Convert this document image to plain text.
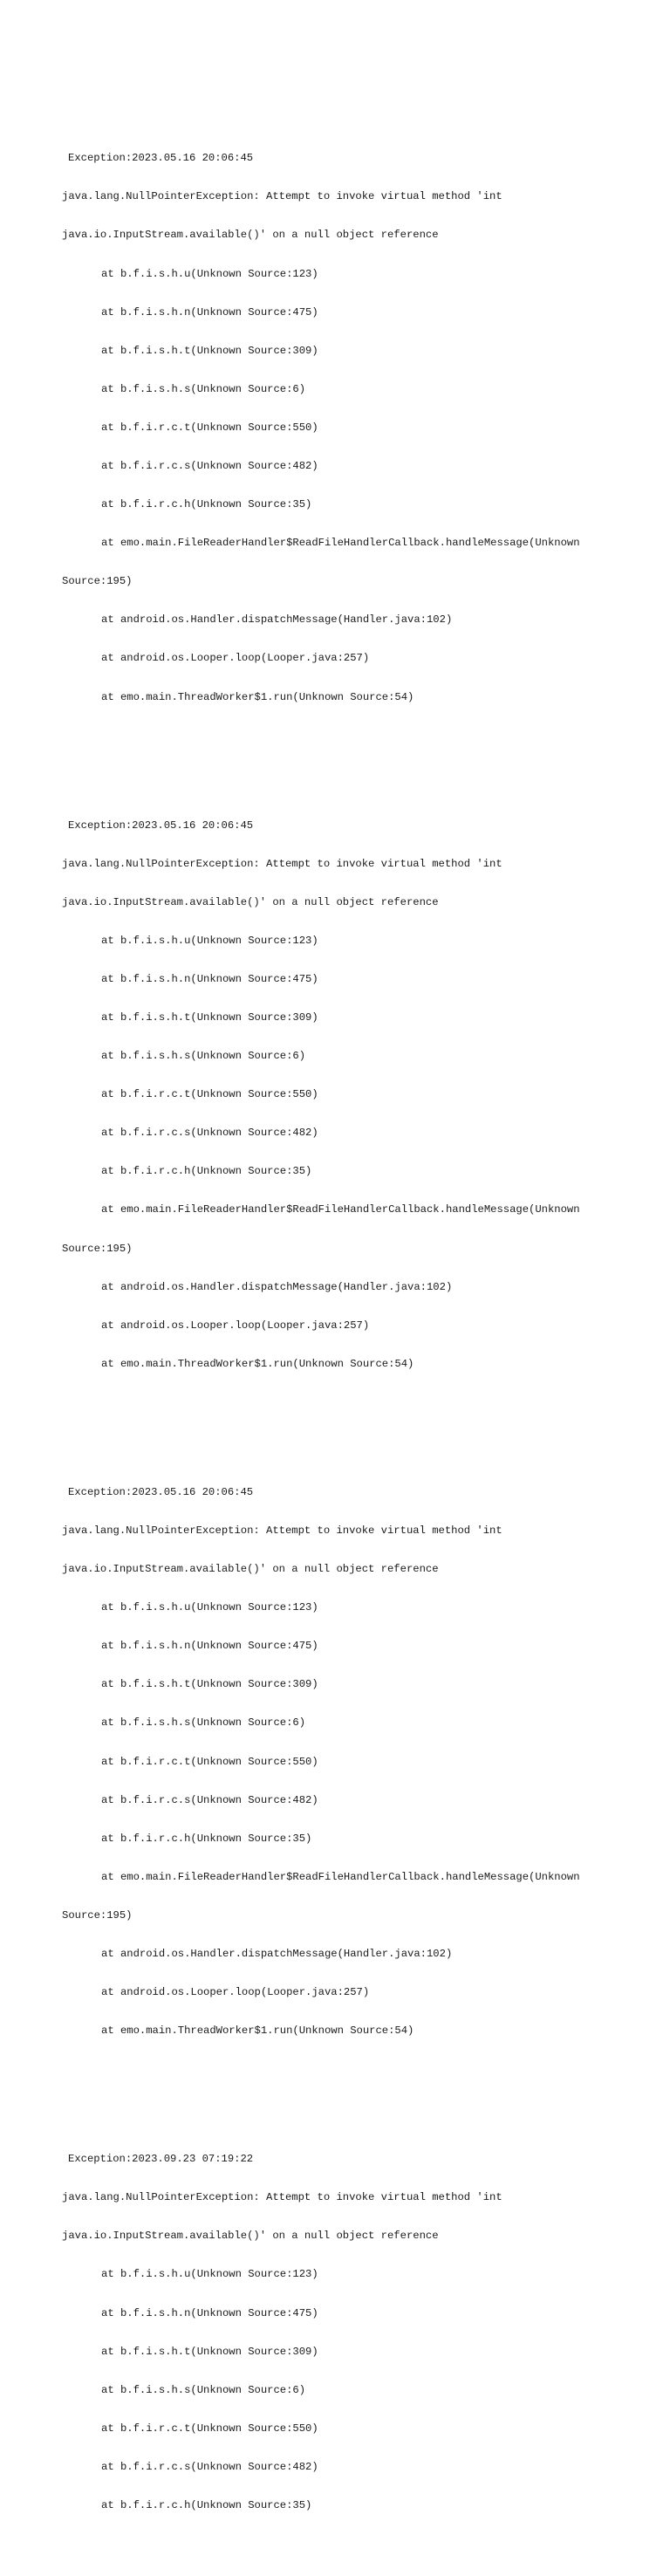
Exception:2023.05.16 20:06:45

java.lang.NullPointerException: Attempt to invoke virtual method 'int

java.io.InputStream.available()' on a null object reference

at b.f.i.s.h.u(Unknown Source:123)

at b.f.i.s.h.n(Unknown Source:475)

at b.f.i.s.h.t(Unknown Source:309)

at b.f.i.s.h.s(Unknown Source:6)

at b.f.i.r.c.t(Unknown Source:550)

at b.f.i.r.c.s(Unknown Source:482)

at b.f.i.r.c.h(Unknown Source:35)

at emo.main.FileReaderHandler$ReadFileHandlerCallback.handleMessage(Unknown

Source:195)

at android.os.Handler.dispatchMessage(Handler.java:102)

at android.os.Looper.loop(Looper.java:257)

at emo.main.ThreadWorker$1.run(Unknown Source:54)

Exception:2023.05.16 20:06:45

java.lang.NullPointerException: Attempt to invoke virtual method 'int

java.io.InputStream.available()' on a null object reference

at b.f.i.s.h.u(Unknown Source:123)

at b.f.i.s.h.n(Unknown Source:475)

at b.f.i.s.h.t(Unknown Source:309)

at b.f.i.s.h.s(Unknown Source:6)

at b.f.i.r.c.t(Unknown Source:550)

at b.f.i.r.c.s(Unknown Source:482)

at b.f.i.r.c.h(Unknown Source:35)

at emo.main.FileReaderHandler$ReadFileHandlerCallback.handleMessage(Unknown

Source:195)

at android.os.Handler.dispatchMessage(Handler.java:102)

at android.os.Looper.loop(Looper.java:257)

at emo.main.ThreadWorker$1.run(Unknown Source:54)

Exception:2023.05.16 20:06:45

java.lang.NullPointerException: Attempt to invoke virtual method 'int

java.io.InputStream.available()' on a null object reference

at b.f.i.s.h.u(Unknown Source:123)

at b.f.i.s.h.n(Unknown Source:475)

at b.f.i.s.h.t(Unknown Source:309)

at b.f.i.s.h.s(Unknown Source:6)

at b.f.i.r.c.t(Unknown Source:550)

at b.f.i.r.c.s(Unknown Source:482)

at b.f.i.r.c.h(Unknown Source:35)

at emo.main.FileReaderHandler$ReadFileHandlerCallback.handleMessage(Unknown

Source:195)

at android.os.Handler.dispatchMessage(Handler.java:102)

at android.os.Looper.loop(Looper.java:257)

at emo.main.ThreadWorker$1.run(Unknown Source:54)

Exception:2023.09.23 07:19:22

java.lang.NullPointerException: Attempt to invoke virtual method 'int

java.io.InputStream.available()' on a null object reference

at b.f.i.s.h.u(Unknown Source:123)

at b.f.i.s.h.n(Unknown Source:475)

at b.f.i.s.h.t(Unknown Source:309)

at b.f.i.s.h.s(Unknown Source:6)

at b.f.i.r.c.t(Unknown Source:550)

at b.f.i.r.c.s(Unknown Source:482)

at b.f.i.r.c.h(Unknown Source:35)
